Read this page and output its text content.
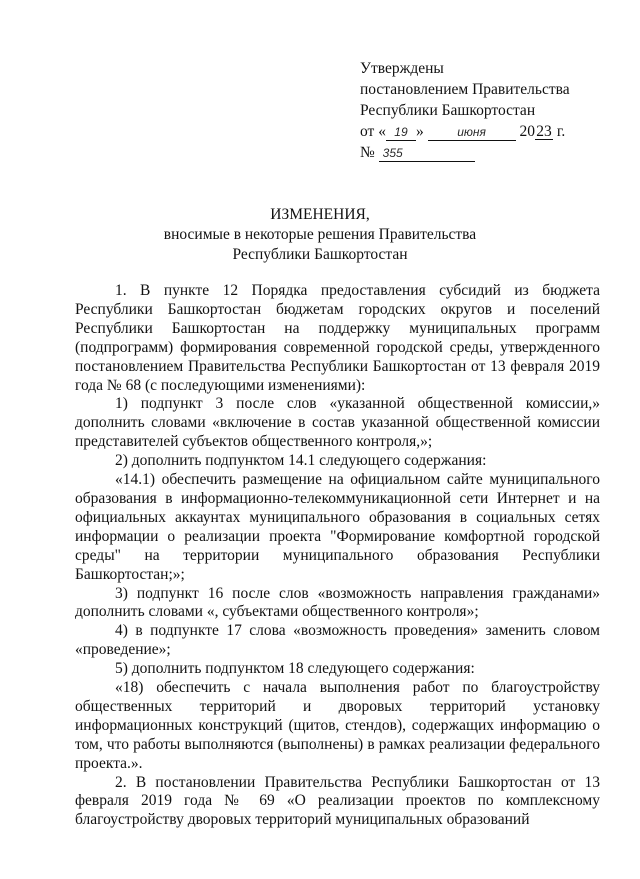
Утверждены
постановлением Правительства
Республики Башкортостан
от « 19 »	июня 2023 г.
№ 355
ИЗМЕНЕНИЯ,
вносимые в некоторые решения Правительства
Республики Башкортостан

1. В пункте 12 Порядка предоставления субсидий из бюджета Республики Башкортостан бюджетам городских округов и поселений Республики Башкортостан на поддержку муниципальных программ (подпрограмм) формирования современной городской среды, утвержденного постановлением Правительства Республики Башкортостан от 13 февраля 2019 года № 68 (с последующими изменениями):

1) подпункт 3 после слов «указанной общественной комиссии,» дополнить словами «включение в состав указанной общественной комиссии представителей субъектов общественного контроля,»;

2) дополнить подпунктом 14.1 следующего содержания:

«14.1) обеспечить размещение на официальном сайте муниципального образования в информационно-телекоммуникационной сети Интернет и на официальных аккаунтах муниципального образования в социальных сетях информации о реализации проекта "Формирование комфортной городской среды" на территории муниципального образования Республики Башкортостан;»;

3) подпункт 16 после слов «возможность направления гражданами» дополнить словами «, субъектами общественного контроля»;

4) в подпункте 17 слова «возможность проведения» заменить словом «проведение»;

5) дополнить подпунктом 18 следующего содержания:

«18) обеспечить с начала выполнения работ по благоустройству общественных территорий и дворовых территорий установку информационных конструкций (щитов, стендов), содержащих информацию о том, что работы выполняются (выполнены) в рамках реализации федерального проекта.».

2. В постановлении Правительства Республики Башкортостан от 13 февраля 2019 года № 69 «О реализации проектов по комплексному благоустройству дворовых территорий муниципальных образований
